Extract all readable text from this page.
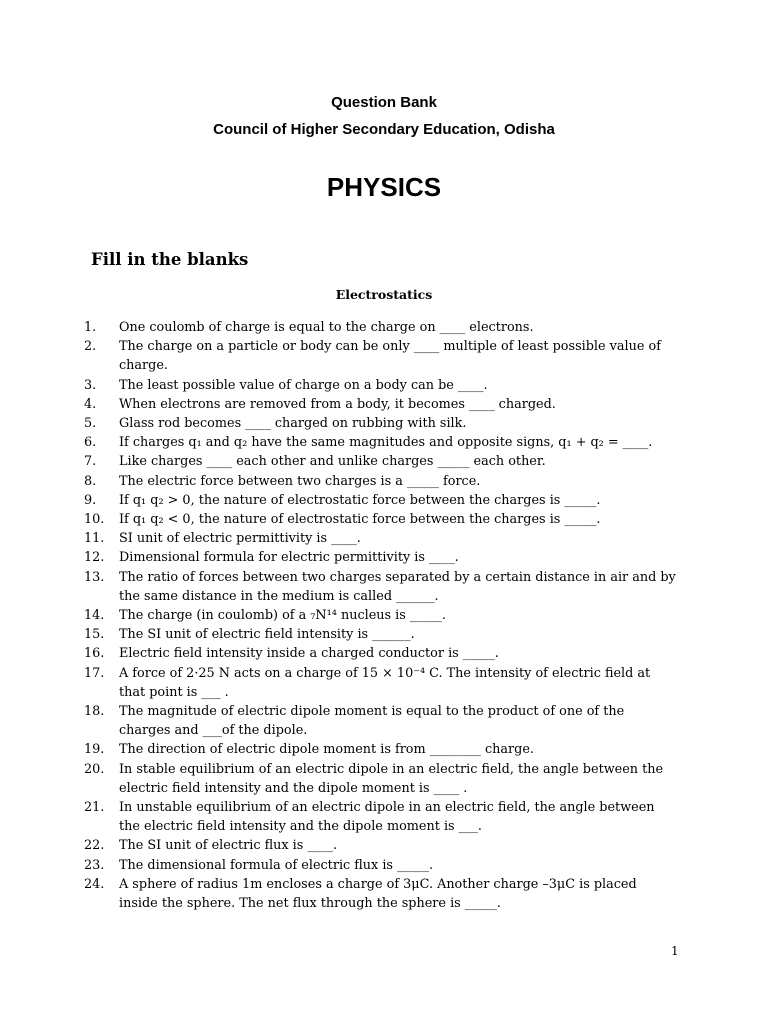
Question Bank
Council of Higher Secondary Education, Odisha
PHYSICS
Fill in the blanks
Electrostatics
1. One coulomb of charge is equal to the charge on ____ electrons.
2. The charge on a particle or body can be only ____ multiple of least possible value of charge.
3. The least possible value of charge on a body can be ____.
4. When electrons are removed from a body, it becomes ____ charged.
5. Glass rod becomes ____ charged on rubbing with silk.
6. If charges q₁ and q₂ have the same magnitudes and opposite signs, q₁ + q₂ = ____.
7. Like charges ____ each other and unlike charges _____ each other.
8. The electric force between two charges is a _____ force.
9. If q₁ q₂ > 0, the nature of electrostatic force between the charges is _____.
10. If q₁ q₂ < 0, the nature of electrostatic force between the charges is _____.
11. SI unit of electric permittivity is ____.
12. Dimensional formula for electric permittivity is ____.
13. The ratio of forces between two charges separated by a certain distance in air and by the same distance in the medium is called ______.
14. The charge (in coulomb) of a ₇N¹⁴ nucleus is _____.
15. The SI unit of electric field intensity is ______.
16. Electric field intensity inside a charged conductor is _____.
17. A force of 2·25 N acts on a charge of 15 × 10⁻⁴ C. The intensity of electric field at that point is ___ .
18. The magnitude of electric dipole moment is equal to the product of one of the charges and ___of the dipole.
19. The direction of electric dipole moment is from ________ charge.
20. In stable equilibrium of an electric dipole in an electric field, the angle between the electric field intensity and the dipole moment is ____ .
21. In unstable equilibrium of an electric dipole in an electric field, the angle between the electric field intensity and the dipole moment is ___.
22. The SI unit of electric flux is ____.
23. The dimensional formula of electric flux is _____.
24. A sphere of radius 1m encloses a charge of 3μC. Another charge –3μC is placed inside the sphere. The net flux through the sphere is _____.
1
